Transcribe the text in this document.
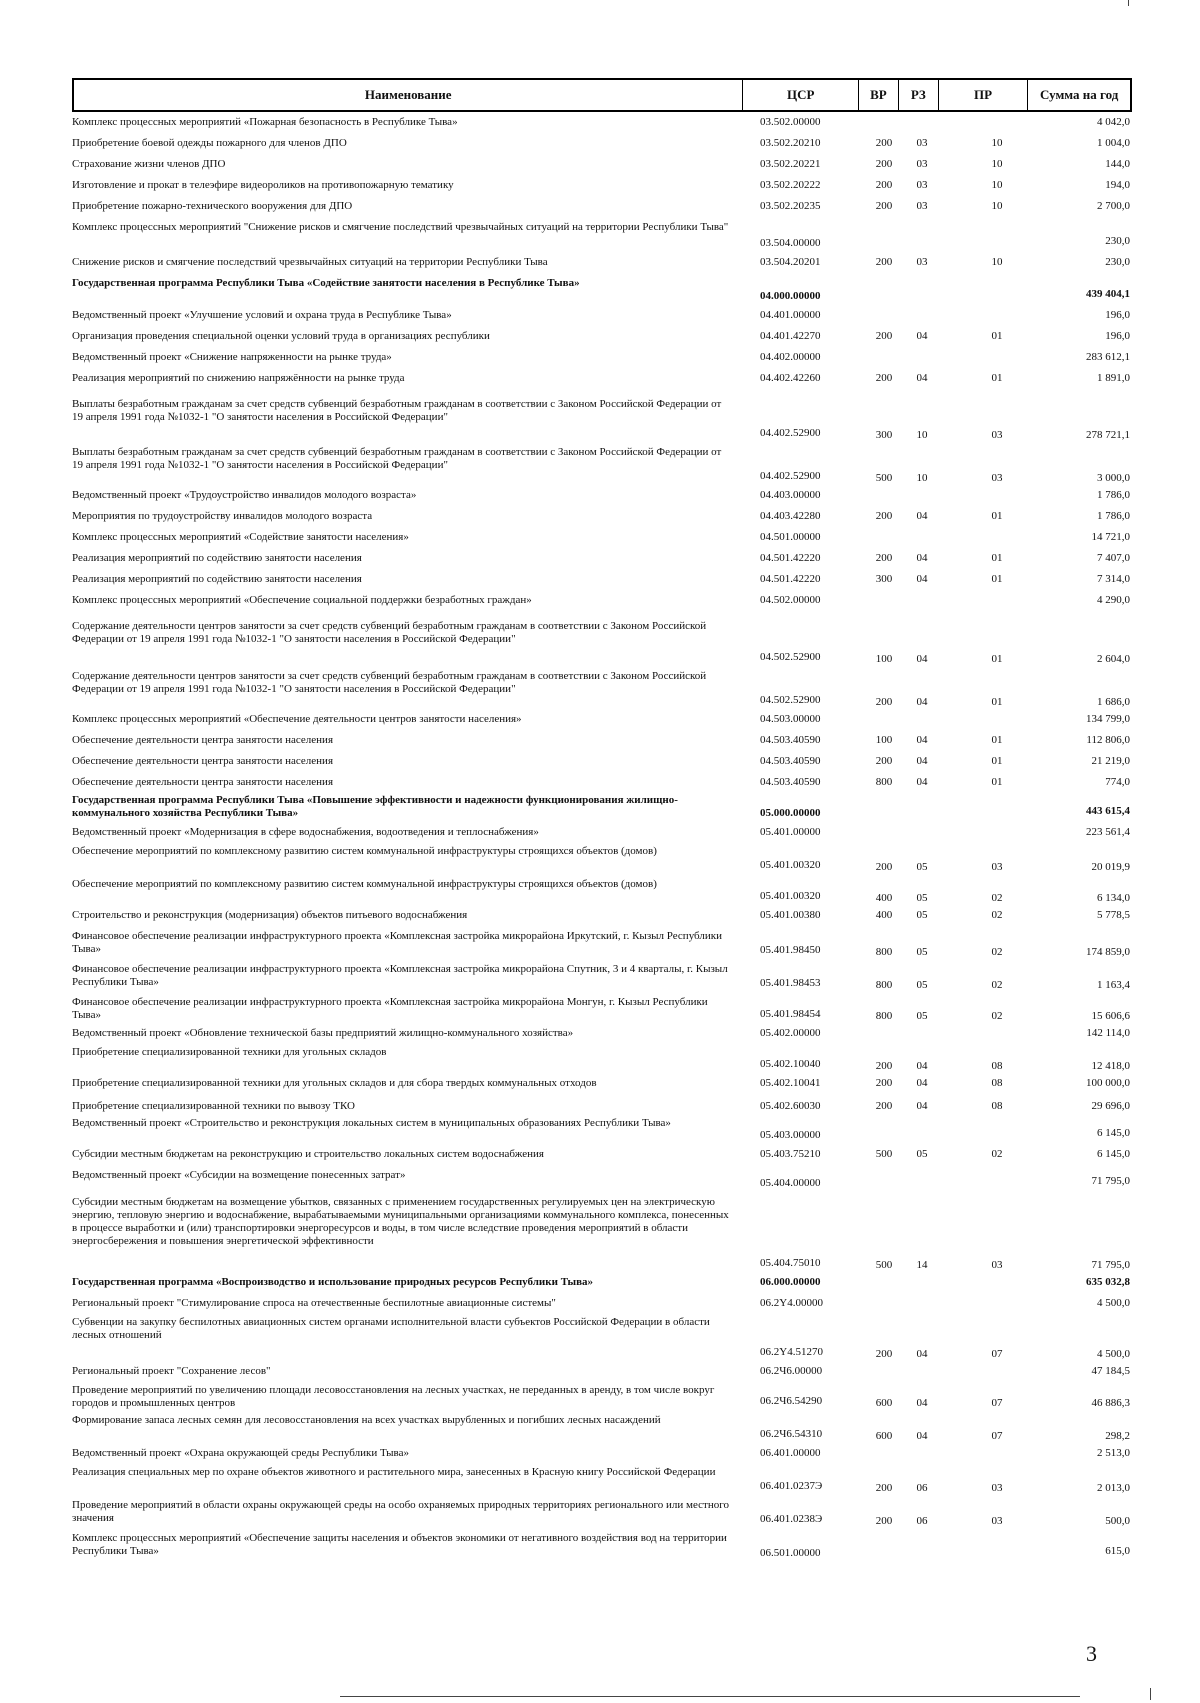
Наименование	ЦСР	ВР	РЗ	ПР	Сумма на год
Комплекс процессных мероприятий «Пожарная безопасность в Республике Тыва»	03.502.00000	4 042,0
Приобретение боевой одежды пожарного для членов ДПО	03.502.20210	200	03	10	1 004,0
Страхование жизни членов ДПО	03.502.20221	200	03	10	144,0
Изготовление и прокат в телеэфире видеороликов на противопожарную тематику	03.502.20222	200	03	10	194,0
Приобретение пожарно-технического вооружения для ДПО	03.502.20235	200	03	10	2 700,0
Комплекс процессных мероприятий "Снижение рисков и смягчение последствий чрезвычайных ситуаций на территории Республики Тыва"
03.504.00000	230,0
Снижение рисков и смягчение последствий чрезвычайных ситуаций на территории Республики Тыва	03.504.20201	200	03	10	230,0
Государственная программа Республики Тыва «Содействие занятости населения в Республике Тыва»
04.000.00000	439 404,1
Ведомственный проект «Улучшение условий и охрана труда в Республике Тыва»	04.401.00000	196,0
Организация проведения специальной оценки условий труда в организациях республики	04.401.42270	200	04	01	196,0
Ведомственный проект «Снижение напряженности на рынке труда»	04.402.00000	283 612,1
Реализация мероприятий по снижению напряжённости на рынке труда	04.402.42260	200	04	01	1 891,0
Выплаты безработным гражданам за счет средств субвенций безработным гражданам в соответствии с Законом Российской Федерации от 19 апреля 1991 года №1032-1 "О занятости населения в Российской Федерации"
04.402.52900	300	10	03	278 721,1
Выплаты безработным гражданам за счет средств субвенций безработным гражданам в соответствии с Законом Российской Федерации от 19 апреля 1991 года №1032-1 "О занятости населения в Российской Федерации"
04.402.52900	500	10	03	3 000,0
Ведомственный проект «Трудоустройство инвалидов молодого возраста»	04.403.00000	1 786,0
Мероприятия по трудоустройству инвалидов молодого возраста	04.403.42280	200	04	01	1 786,0
Комплекс процессных мероприятий «Содействие занятости населения»	04.501.00000	14 721,0
Реализация мероприятий по содействию занятости населения	04.501.42220	200	04	01	7 407,0
Реализация мероприятий по содействию занятости населения	04.501.42220	300	04	01	7 314,0
Комплекс процессных мероприятий «Обеспечение социальной поддержки безработных граждан»	04.502.00000	4 290,0
Содержание деятельности центров занятости за счет средств субвенций безработным гражданам в соответствии с Законом Российской Федерации от 19 апреля 1991 года №1032-1 "О занятости населения в Российской Федерации"
04.502.52900	100	04	01	2 604,0
Содержание деятельности центров занятости за счет средств субвенций безработным гражданам в соответствии с Законом Российской Федерации от 19 апреля 1991 года №1032-1 "О занятости населения в Российской Федерации"
04.502.52900	200	04	01	1 686,0
Комплекс процессных мероприятий «Обеспечение деятельности центров занятости населения»	04.503.00000	134 799,0
Обеспечение деятельности центра занятости населения	04.503.40590	100	04	01	112 806,0
Обеспечение деятельности центра занятости населения	04.503.40590	200	04	01	21 219,0
Обеспечение деятельности центра занятости населения	04.503.40590	800	04	01	774,0
Государственная программа Республики Тыва «Повышение эффективности и надежности функционирования жилищно-коммунального хозяйства Республики Тыва»	05.000.00000	443 615,4
Ведомственный проект «Модернизация в сфере водоснабжения, водоотведения и теплоснабжения»	05.401.00000	223 561,4
Обеспечение мероприятий по комплексному развитию систем коммунальной инфраструктуры строящихся объектов (домов)
05.401.00320	200	05	03	20 019,9
Обеспечение мероприятий по комплексному развитию систем коммунальной инфраструктуры строящихся объектов (домов)
05.401.00320	400	05	02	6 134,0
Строительство и реконструкция (модернизация) объектов питьевого водоснабжения	05.401.00380	400	05	02	5 778,5
Финансовое обеспечение реализации инфраструктурного проекта «Комплексная застройка микрорайона Иркутский, г. Кызыл Республики Тыва»	05.401.98450	800	05	02	174 859,0
Финансовое обеспечение реализации инфраструктурного проекта «Комплексная застройка микрорайона Спутник, 3 и 4 кварталы, г. Кызыл Республики Тыва»	05.401.98453	800	05	02	1 163,4
Финансовое обеспечение реализации инфраструктурного проекта «Комплексная застройка микрорайона Монгун, г. Кызыл Республики Тыва»	05.401.98454	800	05	02	15 606,6
Ведомственный проект «Обновление технической базы предприятий жилищно-коммунального хозяйства»	05.402.00000	142 114,0
Приобретение специализированной техники для угольных складов
05.402.10040	200	04	08	12 418,0
Приобретение специализированной техники для угольных складов и для сбора твердых коммунальных отходов	05.402.10041	200	04	08	100 000,0
Приобретение специализированной техники по вывозу ТКО	05.402.60030	200	04	08	29 696,0
Ведомственный проект «Строительство и реконструкция локальных систем в муниципальных образованиях Республики Тыва»
05.403.00000	6 145,0
Субсидии местным бюджетам на реконструкцию и строительство локальных систем водоснабжения	05.403.75210	500	05	02	6 145,0
Ведомственный проект «Субсидии на возмещение понесенных затрат»
05.404.00000	71 795,0
Субсидии местным бюджетам на возмещение убытков, связанных с применением государственных регулируемых цен на электрическую энергию, тепловую энергию и водоснабжение, вырабатываемыми муниципальными организациями коммунального комплекса, понесенных в процессе выработки и (или) транспортировки энергоресурсов и воды, в том числе вследствие проведения мероприятий в области энергосбережения и повышения энергетической эффективности
05.404.75010	500	14	03	71 795,0
Государственная программа «Воспроизводство и использование природных ресурсов Республики Тыва»	06.000.00000	635 032,8
Региональный проект "Стимулирование спроса на отечественные беспилотные авиационные системы"	06.2Y4.00000	4 500,0
Субвенции на закупку беспилотных авиационных систем органами исполнительной власти субъектов Российской Федерации в области лесных отношений
06.2Y4.51270	200	04	07	4 500,0
Региональный проект "Сохранение лесов"	06.2Ч6.00000	47 184,5
Проведение мероприятий по увеличению площади лесовосстановления на лесных участках, не переданных в аренду, в том числе вокруг городов и промышленных центров	06.2Ч6.54290	600	04	07	46 886,3
Формирование запаса лесных семян для лесовосстановления на всех участках вырубленных и погибших лесных насаждений
06.2Ч6.54310	600	04	07	298,2
Ведомственный проект «Охрана окружающей среды Республики Тыва»	06.401.00000	2 513,0
Реализация специальных мер по охране объектов животного и растительного мира, занесенных в Красную книгу Российской Федерации
06.401.0237Э	200	06	03	2 013,0
Проведение мероприятий в области охраны окружающей среды на особо охраняемых природных территориях регионального или местного значения	06.401.0238Э	200	06	03	500,0
Комплекс процессных мероприятий «Обеспечение защиты населения и объектов экономики от негативного воздействия вод на территории Республики Тыва»	06.501.00000	615,0
3
